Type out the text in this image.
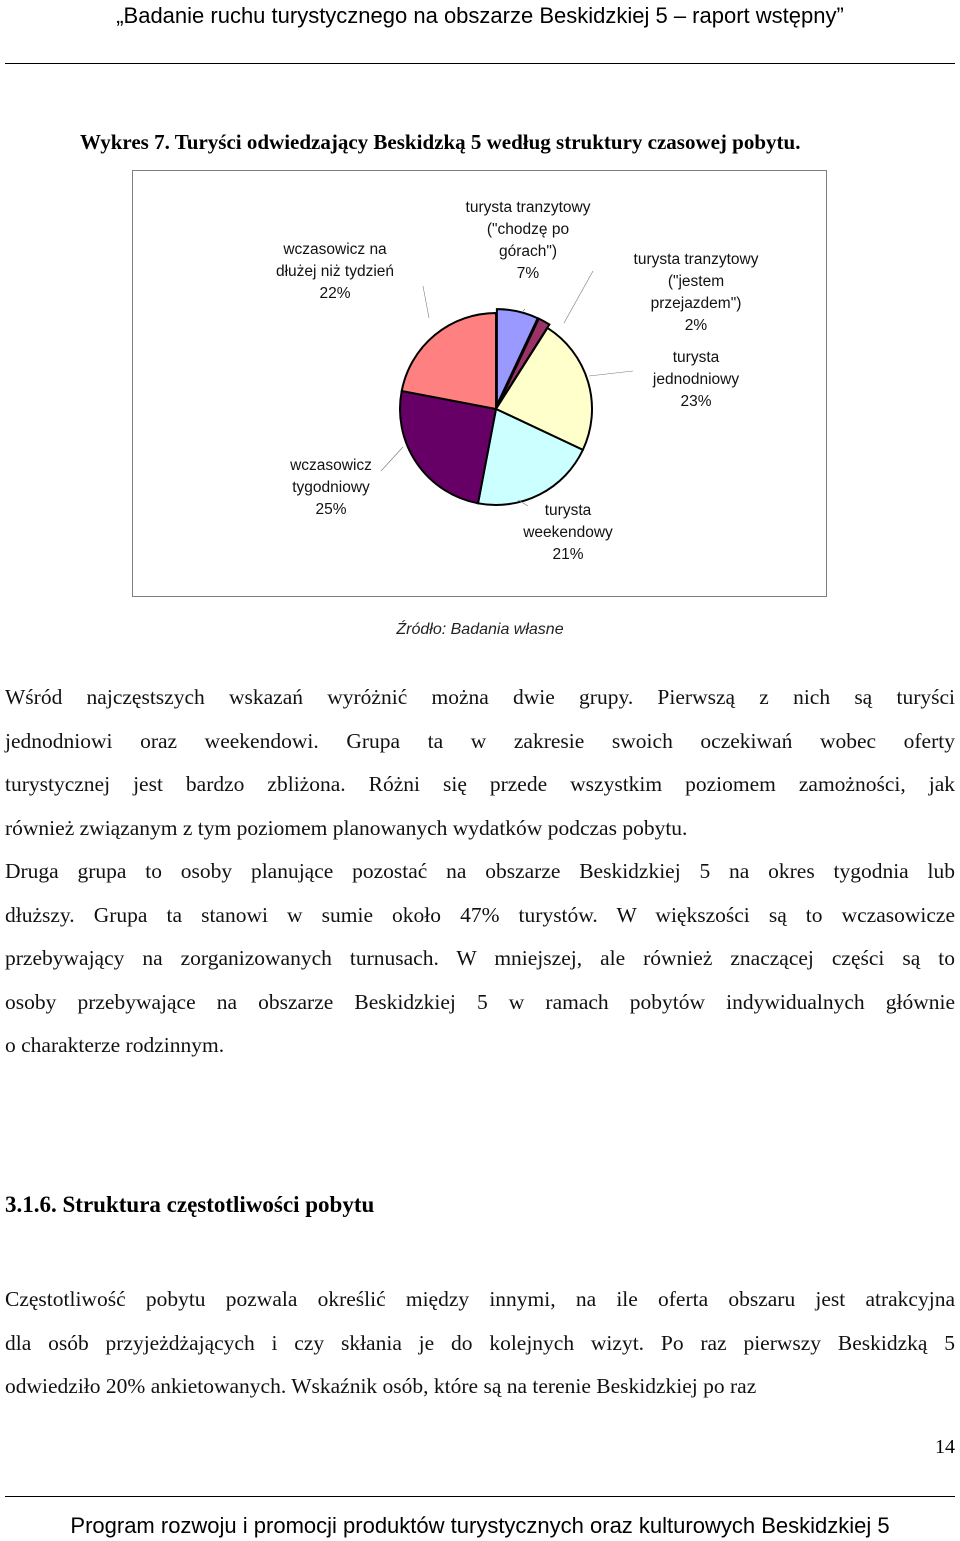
„Badanie ruchu turystycznego na obszarze Beskidzkiej 5 – raport wstępny”
Wykres 7. Turyści odwiedzający Beskidzką 5 według struktury czasowej pobytu.
turysta tranzytowy
("chodzę po
górach")
7%
turysta tranzytowy
("jestem
przejazdem")
2%
turysta
jednodniowy
23%
turysta
weekendowy
21%
wczasowicz
tygodniowy
25%
wczasowicz na
dłużej niż tydzień
22%
Źródło: Badania własne
Wśród najczęstszych wskazań wyróżnić można dwie grupy. Pierwszą z nich są turyści
jednodniowi oraz weekendowi. Grupa ta w zakresie swoich oczekiwań wobec oferty
turystycznej jest bardzo zbliżona. Różni się przede wszystkim poziomem zamożności, jak
również związanym z tym poziomem planowanych wydatków podczas pobytu.
Druga grupa to osoby planujące pozostać na obszarze Beskidzkiej 5 na okres tygodnia lub
dłuższy. Grupa ta stanowi w sumie około 47% turystów. W większości są to wczasowicze
przebywający na zorganizowanych turnusach. W mniejszej, ale również znaczącej części są to
osoby przebywające na obszarze Beskidzkiej 5 w ramach pobytów indywidualnych głównie
o charakterze rodzinnym.
3.1.6. Struktura częstotliwości pobytu
Częstotliwość pobytu pozwala określić między innymi, na ile oferta obszaru jest atrakcyjna
dla osób przyjeżdżających i czy skłania je do kolejnych wizyt. Po raz pierwszy Beskidzką 5
odwiedziło 20% ankietowanych. Wskaźnik osób, które są na terenie Beskidzkiej po raz
14
Program rozwoju i promocji produktów turystycznych oraz kulturowych Beskidzkiej 5
